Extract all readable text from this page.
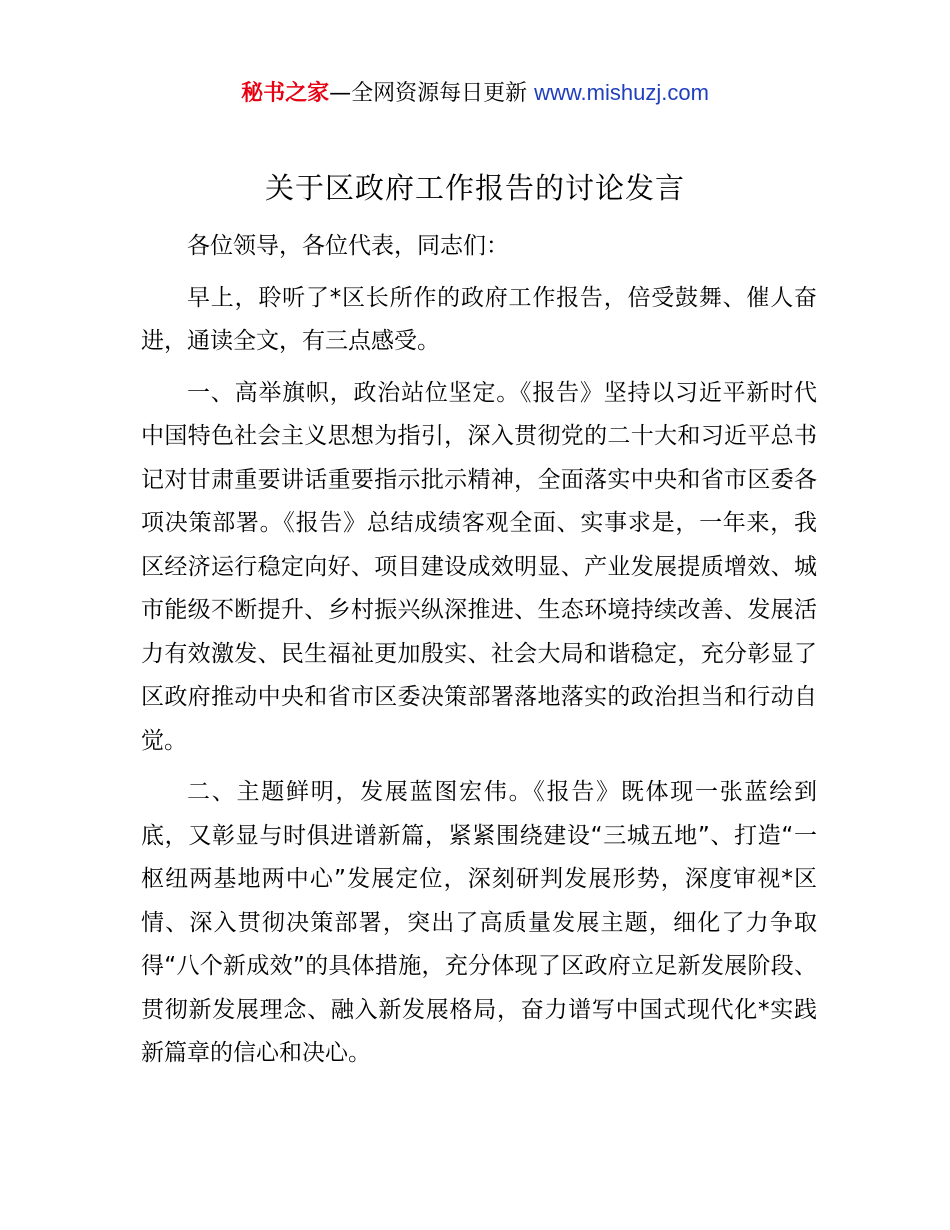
秘书之家—全网资源每日更新 www.mishuzj.com
关于区政府工作报告的讨论发言

各位领导，各位代表，同志们：

早上，聆听了*区长所作的政府工作报告，倍受鼓舞、催人奋进，通读全文，有三点感受。

一、高举旗帜，政治站位坚定。《报告》坚持以习近平新时代中国特色社会主义思想为指引，深入贯彻党的二十大和习近平总书记对甘肃重要讲话重要指示批示精神，全面落实中央和省市区委各项决策部署。《报告》总结成绩客观全面、实事求是，一年来，我区经济运行稳定向好、项目建设成效明显、产业发展提质增效、城市能级不断提升、乡村振兴纵深推进、生态环境持续改善、发展活力有效激发、民生福祉更加殷实、社会大局和谐稳定，充分彰显了区政府推动中央和省市区委决策部署落地落实的政治担当和行动自觉。

二、主题鲜明，发展蓝图宏伟。《报告》既体现一张蓝绘到底，又彰显与时俱进谱新篇，紧紧围绕建设“三城五地”、打造“一枢纽两基地两中心”发展定位，深刻研判发展形势，深度审视*区情、深入贯彻决策部署，突出了高质量发展主题，细化了力争取得“八个新成效”的具体措施，充分体现了区政府立足新发展阶段、贯彻新发展理念、融入新发展格局，奋力谱写中国式现代化*实践新篇章的信心和决心。
